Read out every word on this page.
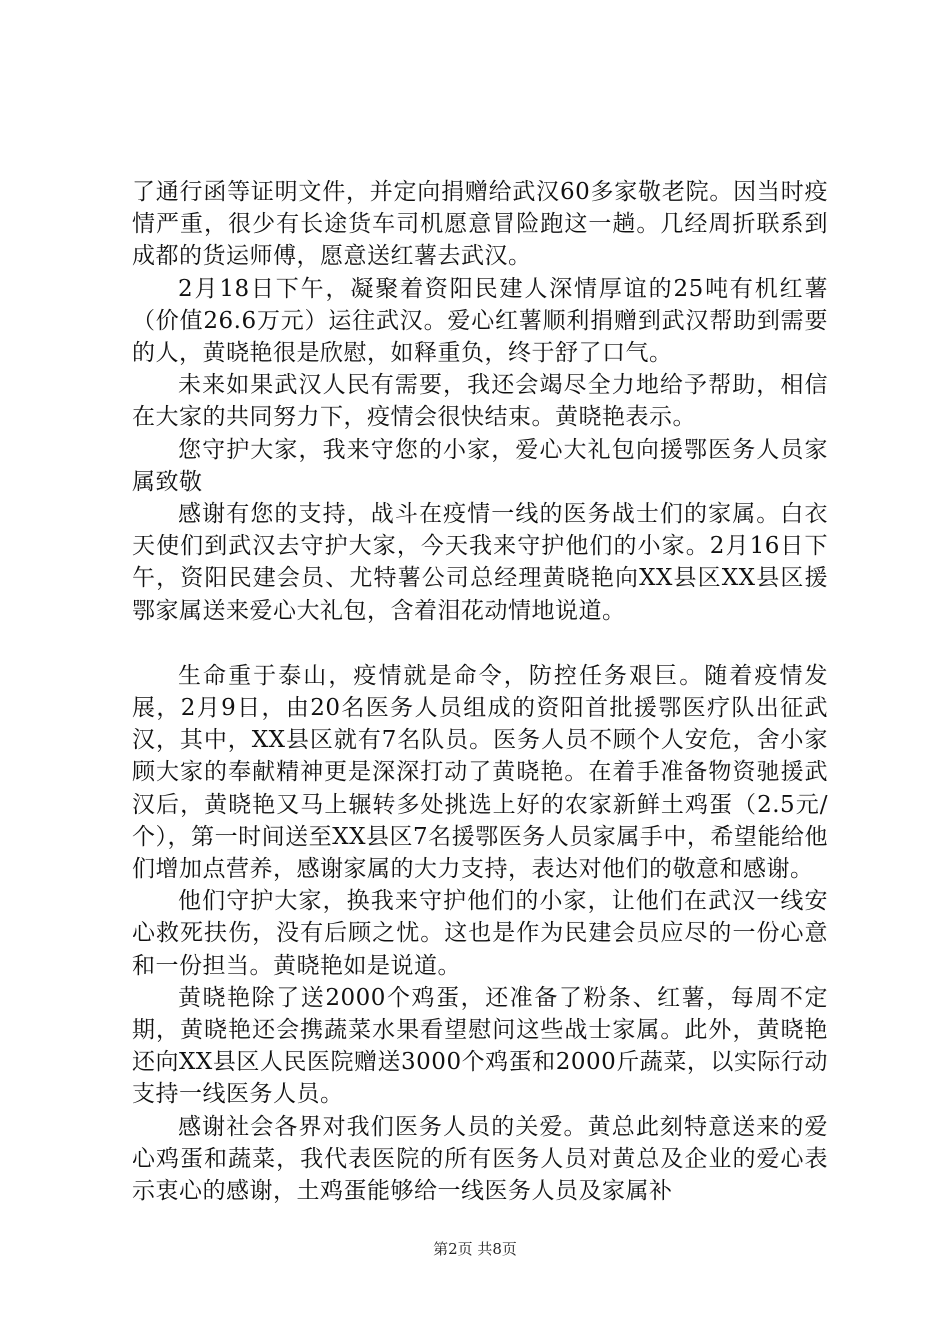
了通行函等证明文件，并定向捐赠给武汉60多家敬老院。因当时疫情严重，很少有长途货车司机愿意冒险跑这一趟。几经周折联系到成都的货运师傅，愿意送红薯去武汉。

2月18日下午，凝聚着资阳民建人深情厚谊的25吨有机红薯（价值26.6万元）运往武汉。爱心红薯顺利捐赠到武汉帮助到需要的人，黄晓艳很是欣慰，如释重负，终于舒了口气。

未来如果武汉人民有需要，我还会竭尽全力地给予帮助，相信在大家的共同努力下，疫情会很快结束。黄晓艳表示。

您守护大家，我来守您的小家，爱心大礼包向援鄂医务人员家属致敬

感谢有您的支持，战斗在疫情一线的医务战士们的家属。白衣天使们到武汉去守护大家，今天我来守护他们的小家。2月16日下午，资阳民建会员、尤特薯公司总经理黄晓艳向XX县区XX县区援鄂家属送来爱心大礼包，含着泪花动情地说道。

生命重于泰山，疫情就是命令，防控任务艰巨。随着疫情发展，2月9日，由20名医务人员组成的资阳首批援鄂医疗队出征武汉，其中，XX县区就有7名队员。医务人员不顾个人安危，舍小家顾大家的奉献精神更是深深打动了黄晓艳。在着手准备物资驰援武汉后，黄晓艳又马上辗转多处挑选上好的农家新鲜土鸡蛋（2.5元/个），第一时间送至XX县区7名援鄂医务人员家属手中，希望能给他们增加点营养，感谢家属的大力支持，表达对他们的敬意和感谢。

他们守护大家，换我来守护他们的小家，让他们在武汉一线安心救死扶伤，没有后顾之忧。这也是作为民建会员应尽的一份心意和一份担当。黄晓艳如是说道。

黄晓艳除了送2000个鸡蛋，还准备了粉条、红薯，每周不定期，黄晓艳还会携蔬菜水果看望慰问这些战士家属。此外，黄晓艳还向XX县区人民医院赠送3000个鸡蛋和2000斤蔬菜，以实际行动支持一线医务人员。

感谢社会各界对我们医务人员的关爱。黄总此刻特意送来的爱心鸡蛋和蔬菜，我代表医院的所有医务人员对黄总及企业的爱心表示衷心的感谢，土鸡蛋能够给一线医务人员及家属补

第2页 共8页
